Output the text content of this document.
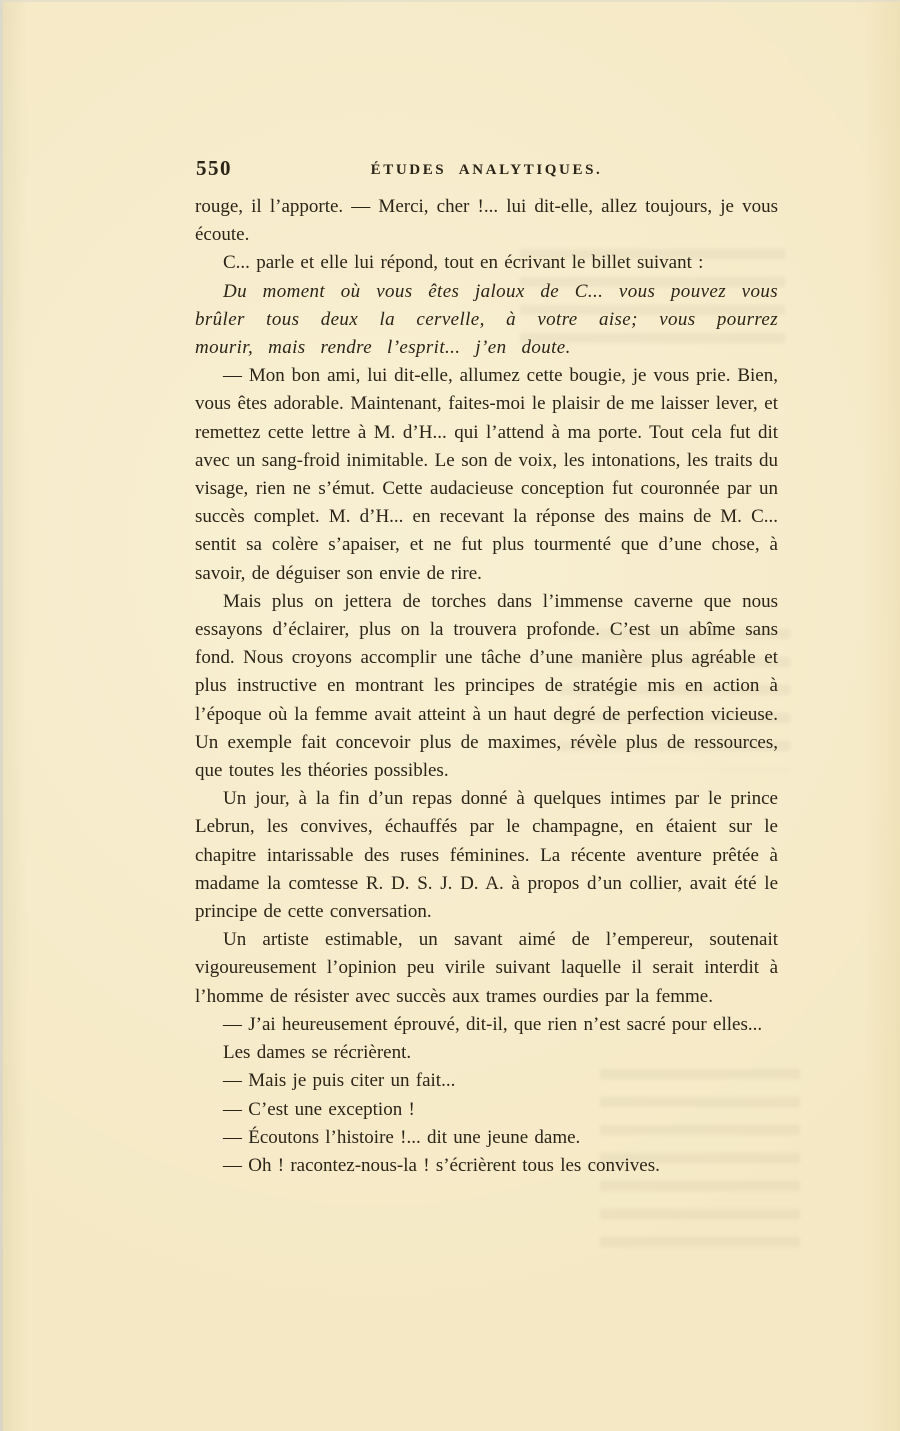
550	ÉTUDES ANALYTIQUES.

rouge, il l’apporte. — Merci, cher !... lui dit-elle, allez toujours, je vous écoute.

C... parle et elle lui répond, tout en écrivant le billet suivant :

Du moment où vous êtes jaloux de C... vous pouvez vous brûler tous deux la cervelle, à votre aise; vous pourrez mourir, mais rendre l’esprit... j’en doute.

— Mon bon ami, lui dit-elle, allumez cette bougie, je vous prie. Bien, vous êtes adorable. Maintenant, faites-moi le plaisir de me laisser lever, et remettez cette lettre à M. d’H... qui l’attend à ma porte. Tout cela fut dit avec un sang-froid inimitable. Le son de voix, les intonations, les traits du visage, rien ne s’émut. Cette audacieuse conception fut couronnée par un succès complet. M. d’H... en recevant la réponse des mains de M. C... sentit sa colère s’apaiser, et ne fut plus tourmenté que d’une chose, à savoir, de déguiser son envie de rire.

Mais plus on jettera de torches dans l’immense caverne que nous essayons d’éclairer, plus on la trouvera profonde. C’est un abîme sans fond. Nous croyons accomplir une tâche d’une manière plus agréable et plus instructive en montrant les principes de stratégie mis en action à l’époque où la femme avait atteint à un haut degré de perfection vicieuse. Un exemple fait concevoir plus de maximes, révèle plus de ressources, que toutes les théories possibles.

Un jour, à la fin d’un repas donné à quelques intimes par le prince Lebrun, les convives, échauffés par le champagne, en étaient sur le chapitre intarissable des ruses féminines. La récente aventure prêtée à madame la comtesse R. D. S. J. D. A. à propos d’un collier, avait été le principe de cette conversation.

Un artiste estimable, un savant aimé de l’empereur, soutenait vigoureusement l’opinion peu virile suivant laquelle il serait interdit à l’homme de résister avec succès aux trames ourdies par la femme.

— J’ai heureusement éprouvé, dit-il, que rien n’est sacré pour elles...

Les dames se récrièrent.

— Mais je puis citer un fait...

— C’est une exception !

— Écoutons l’histoire !... dit une jeune dame.

— Oh ! racontez-nous-la ! s’écrièrent tous les convives.
